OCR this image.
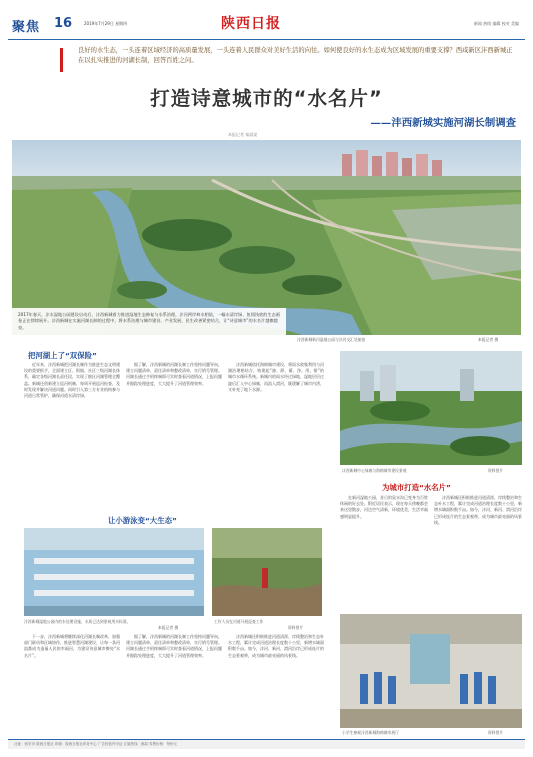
聚焦 16	2019年7月29日 星期四	陕西日报	新闻 热线 编辑 校对 美编

良好的水生态，一头连着区域经济的高质量发展，一头连着人民群众对美好生活的向往。如何使良好的水生态成为区域发展的重要支撑？西咸新区沣西新城正在以扎实推进的河湖长制，回答百姓之问。

打造诗意城市的“水名片”
——沣西新城实施河湖长制调查
本报记者 秦淑宴

2017年春天，沣水湿地公园建设启动后，沣西新城着力推进湿地生态修复与水系治理，沣河两岸林水相依，一幅水清岸绿、鱼翔浅底的生态画卷正在徐徐展开。沣西新城在实施河湖长制的过程中，将水系治理与城市建设、产业发展、民生改善紧密结合，让“诗意城市”的水名片越擦越亮。

沣西新城新河湿地公园与沣河交汇处航拍	本报记者 摄
把河湖上了“双保险”

近年来，沣西新城把河湖长制作为推进生态文明建设的重要抓手，全面建立区、街镇、社区三级河湖长体系，确定各级河湖长责任段，实现了辖区河湖管理全覆盖。新城还创新建立巡河机制，每周开展巡河检查，及时发现并解决河道问题。同时引入第三方专业机构参与河道日常管护，确保河道水清岸绿。

据了解，沣西新城的河湖长制工作坚持问题导向，建立问题清单、责任清单和整改清单，实行销号管理。河湖长通过手机终端即可实时查看河道情况，上报问题并跟踪处理进度，大大提升了河道管理效率。

沣西新城依托海绵城市建设，将雨水收集利用与河湖治理相结合，构建起“渗、滞、蓄、净、用、排”的城市水循环系统。新城内的雨水经过绿地、湿地层层过滤后汇入中心绿廊，再流入渭河，既缓解了城市内涝，又补充了地下水源。

沣西新城中心绿廊与海绵城市建设景观	资料图片
为城市打造“水名片”

在新河湿地公园，昔日的臭水沟已变身为百姓休闲的好去处。附近居民表示，现在每天傍晚都会来这里散步，河边空气清新，环境优美，生活幸福感明显提升。

沣西新城还积极推进河道清淤、岸线整治和生态补水工程，累计完成河道治理长度数十公里，新增水域面积数千亩。如今，沣河、新河、渭河沿岸已形成连片的生态景观带，成为城市最亮丽的风景线。

让小游泳变“大生态”
沣西新城湿地公园内的水处理设施，水质已达到景观用水标准。
本报记者 摄
工作人员在河道开展巡查工作
资料图片

下一步，沣西新城将继续深化河湖长制改革，加强部门联动和区域协作，推进智慧河湖建设，让每一条河流都成为造福人民的幸福河，为建设诗意城市擦亮“水名片”。

据了解，沣西新城的河湖长制工作坚持问题导向，建立问题清单、责任清单和整改清单，实行销号管理。河湖长通过手机终端即可实时查看河道情况，上报问题并跟踪处理进度，大大提升了河道管理效率。

沣西新城还积极推进河道清淤、岸线整治和生态补水工程，累计完成河道治理长度数十公里，新增水域面积数千亩。如今，沣河、新河、渭河沿岸已形成连片的生态景观带，成为城市最亮丽的风景线。

小学生参观沣西新城海绵城市展厅	资料图片
社址：西安市 陕西日报社 印刷：陕西日报社印务中心 广告经营许可证 订阅热线：邮局 零售价格：每份元
